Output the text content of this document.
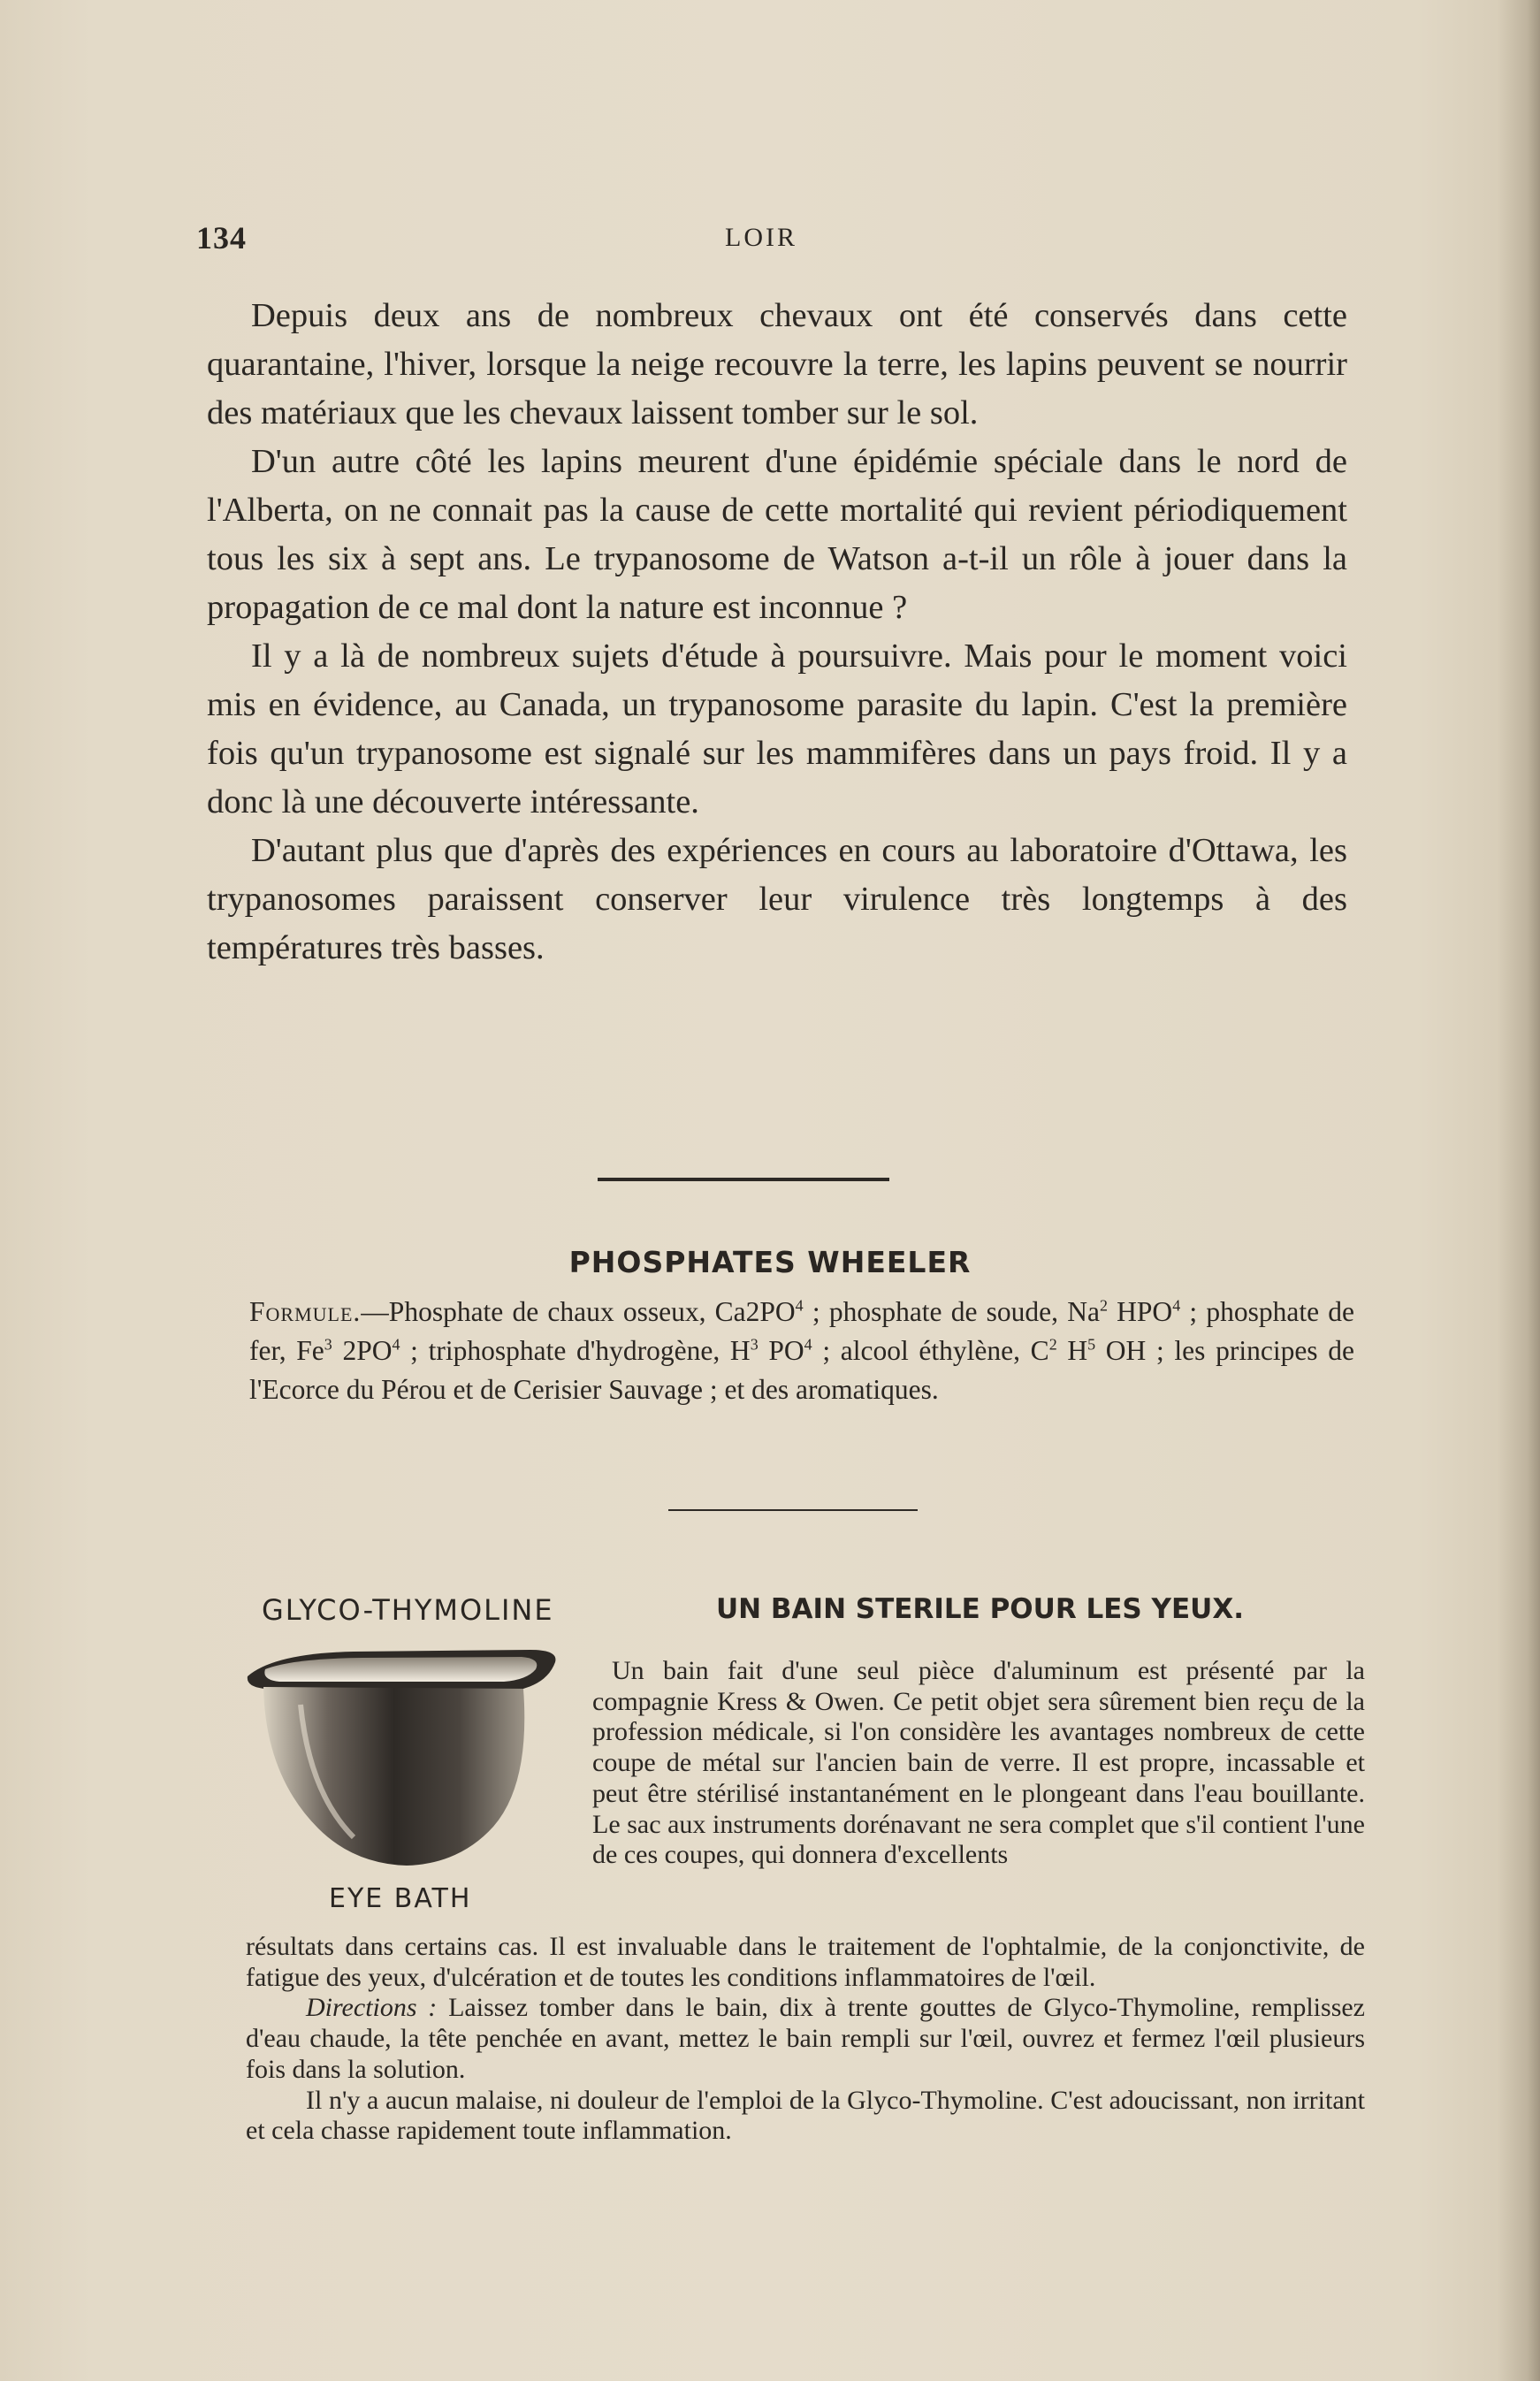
134	LOIR

Depuis deux ans de nombreux chevaux ont été conservés dans cette quarantaine, l'hiver, lorsque la neige recouvre la terre, les lapins peuvent se nourrir des matériaux que les chevaux laissent tomber sur le sol.

D'un autre côté les lapins meurent d'une épidémie spéciale dans le nord de l'Alberta, on ne connait pas la cause de cette mortalité qui revient périodiquement tous les six à sept ans. Le trypanosome de Watson a-t-il un rôle à jouer dans la propagation de ce mal dont la nature est inconnue ?

Il y a là de nombreux sujets d'étude à poursuivre. Mais pour le moment voici mis en évidence, au Canada, un trypanosome parasite du lapin. C'est la première fois qu'un trypanosome est signalé sur les mammifères dans un pays froid. Il y a donc là une découverte intéressante.

D'autant plus que d'après des expériences en cours au laboratoire d'Ottawa, les trypanosomes paraissent conserver leur virulence très longtemps à des températures très basses.

PHOSPHATES WHEELER
Formule.—Phosphate de chaux osseux, $Ca2PO^4$ ; phosphate de soude, Na$^2$ HPO$^4$ ; phosphate de fer, Fe$^3$ $2PO^4$ ; triphosphate d'hydrogène, $H^3$ $PO^4$ ; alcool éthylène, $C^2$ $H^5$ OH ; les principes de l'Ecorce du Pérou et de Cerisier Sauvage ; et des aromatiques.
GLYCO-THYMOLINE	UN BAIN STERILE POUR LES YEUX.
EYE BATH

Un bain fait d'une seul pièce d'aluminum est présenté par la compagnie Kress & Owen. Ce petit objet sera sûrement bien reçu de la profession médicale, si l'on considère les avantages nombreux de cette coupe de métal sur l'ancien bain de verre. Il est propre, incassable et peut être stérilisé instantanément en le plongeant dans l'eau bouillante. Le sac aux instruments dorénavant ne sera complet que s'il contient l'une de ces coupes, qui donnera d'excellents

résultats dans certains cas. Il est invaluable dans le traitement de l'ophtalmie, de la conjonctivite, de fatigue des yeux, d'ulcération et de toutes les conditions inflammatoires de l'œil.

Directions : Laissez tomber dans le bain, dix à trente gouttes de Glyco-Thymoline, remplissez d'eau chaude, la tête penchée en avant, mettez le bain rempli sur l'œil, ouvrez et fermez l'œil plusieurs fois dans la solution.

Il n'y a aucun malaise, ni douleur de l'emploi de la Glyco-Thymoline. C'est adoucissant, non irritant et cela chasse rapidement toute inflammation.
